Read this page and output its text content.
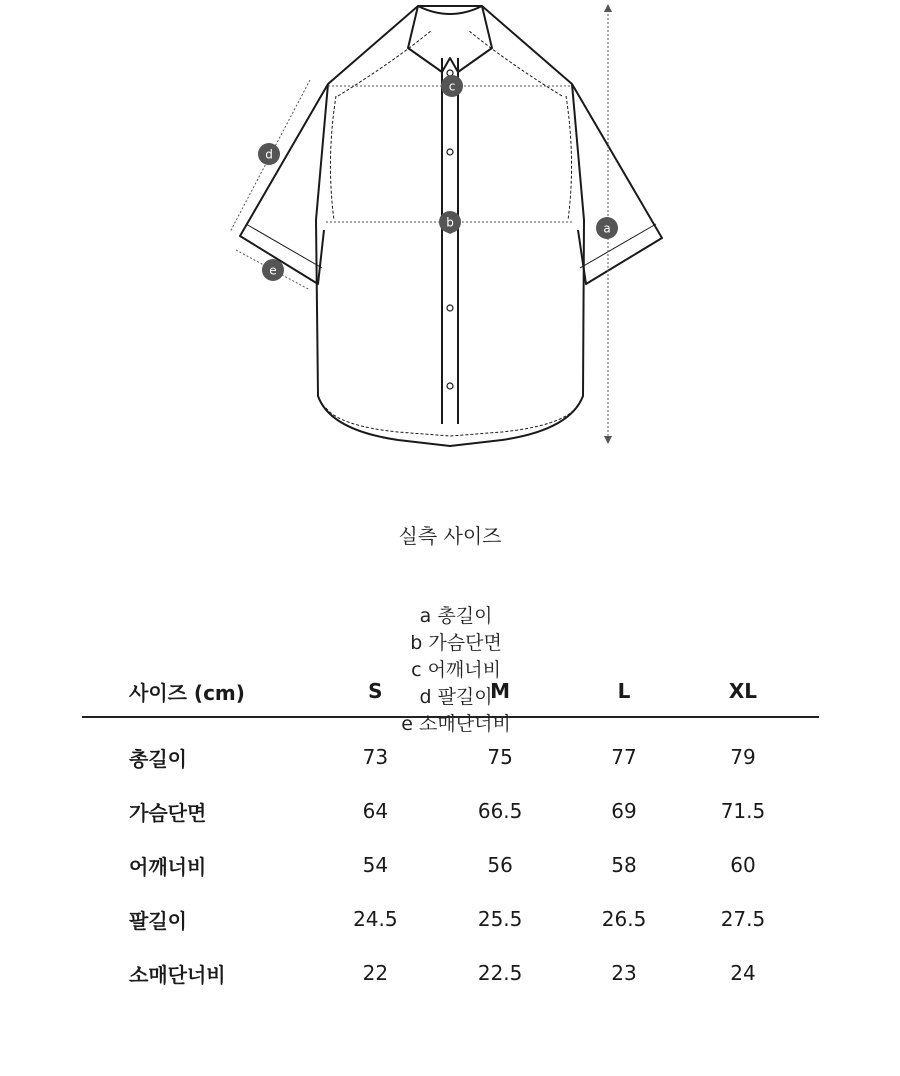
c
b	a
d
e
실측 사이즈

a 총길이
b 가슴단면
c 어깨너비
d 팔길이
e 소매단너비

사이즈 (cm)	S	M	L	XL
총길이	73	75	77	79
가슴단면	64	66.5	69	71.5
어깨너비	54	56	58	60
팔길이	24.5	25.5	26.5	27.5
소매단너비	22	22.5	23	24
